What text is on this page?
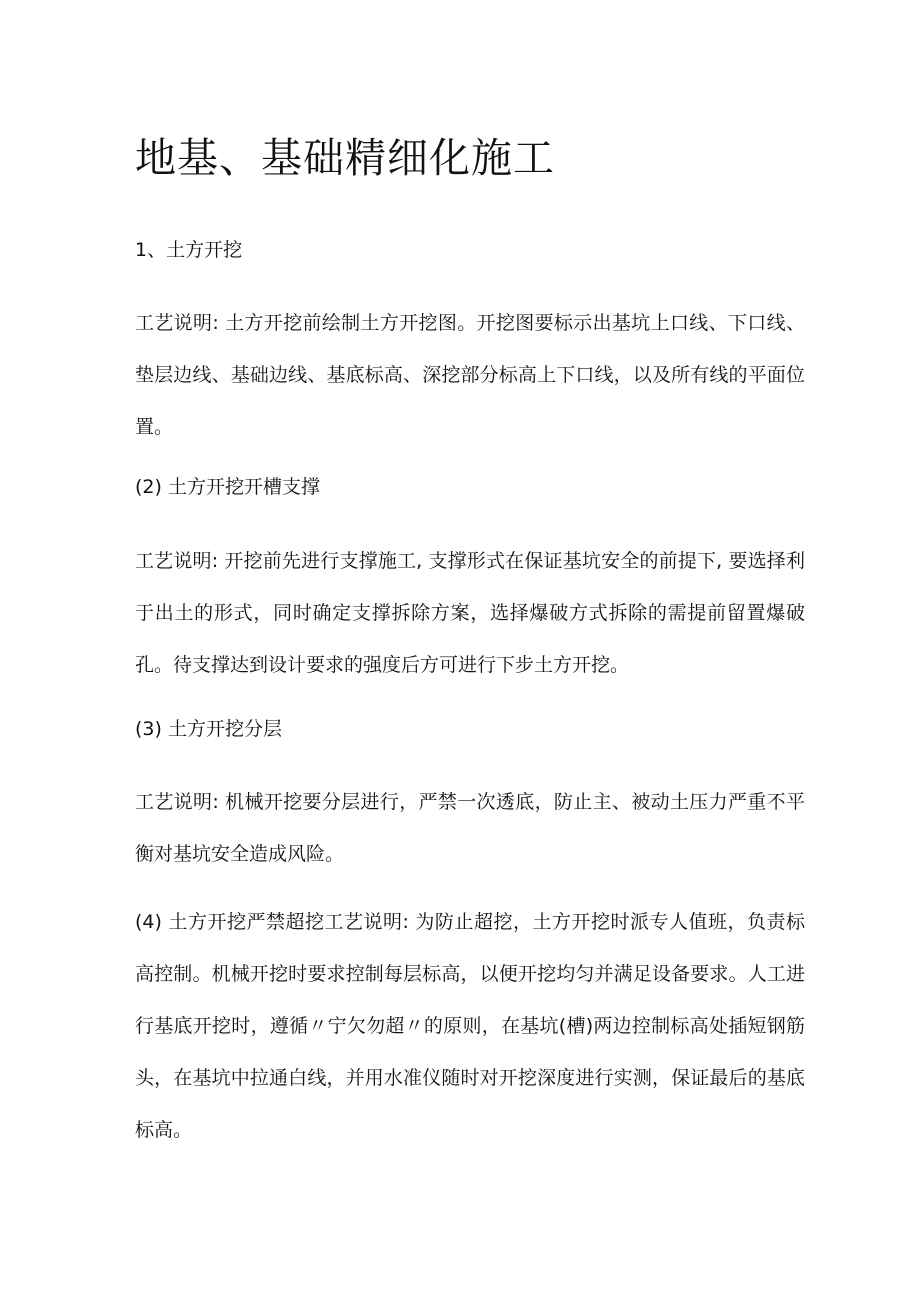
地基、基础精细化施工

1、土方开挖

工艺说明: 土方开挖前绘制土方开挖图。开挖图要标示出基坑上口线、下口线、垫层边线、基础边线、基底标高、深挖部分标高上下口线，以及所有线的平面位置。

(2) 土方开挖开槽支撑

工艺说明: 开挖前先进行支撑施工, 支撑形式在保证基坑安全的前提下, 要选择利于出土的形式，同时确定支撑拆除方案，选择爆破方式拆除的需提前留置爆破孔。待支撑达到设计要求的强度后方可进行下步土方开挖。

(3) 土方开挖分层

工艺说明: 机械开挖要分层进行，严禁一次透底，防止主、被动土压力严重不平衡对基坑安全造成风险。

(4) 土方开挖严禁超挖工艺说明: 为防止超挖，土方开挖时派专人值班，负责标高控制。机械开挖时要求控制每层标高，以便开挖均匀并满足设备要求。人工进行基底开挖时，遵循〃宁欠勿超〃的原则，在基坑(槽)两边控制标高处插短钢筋头，在基坑中拉通白线，并用水准仪随时对开挖深度进行实测，保证最后的基底标高。
